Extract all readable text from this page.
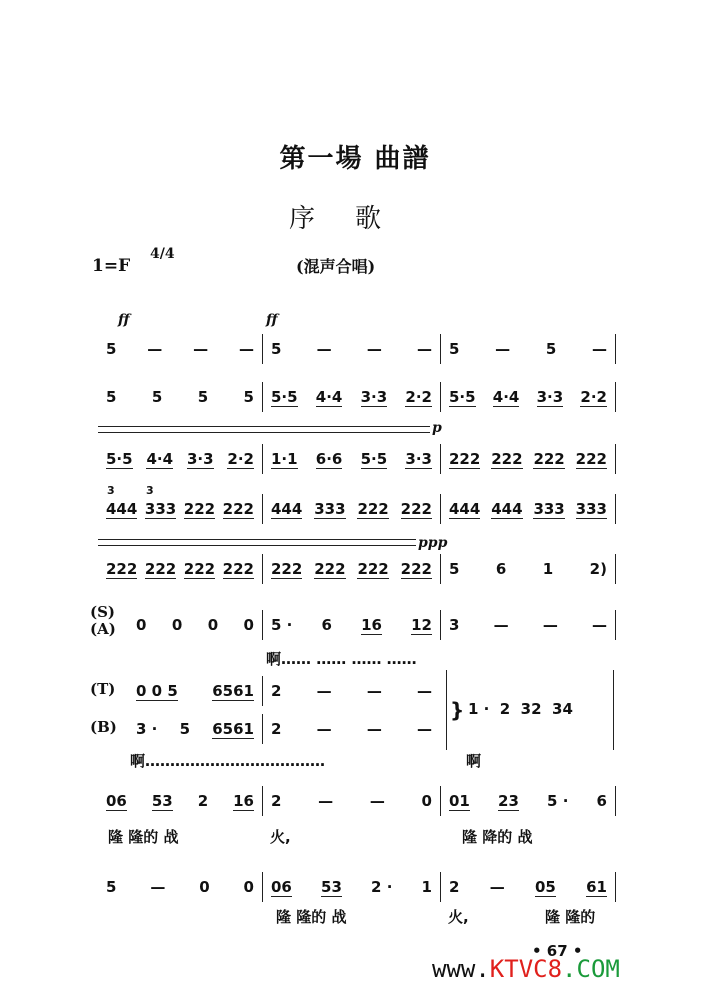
第一場 曲譜
序歌
1=F
4/4
(混声合唱)
ff	ff
p
ppp
(S)
(A)
(T)
(B)
啊…… …… …… ……
啊………………………………	啊
} 1 ·  2  32  34
3	3
5 — — — 5 — — — 5 — 5 —
5 5 5 5 5·5 4·4 3·3 2·2 5·5 4·4 3·3 2·2
5·5 4·4 3·3 2·2 1·1 6·6 5·5 3·3 222 222 222 222
444 333 222 222 444 333 222 222 444 444 333 333
222 222 222 222 222 222 222 222 5 6 1 2)
0 0 0 0 5 · 6 16 12 3 — — —
0 0 5 6561 2 — — —
3 · 5 6561 2 — — —
06 53 2 16 2 — — 0 01 23 5 · 6
5 — 0 0 06 53 2 · 1 2 — 05 61
隆 隆的 战	火,	隆 降的 战
隆 隆的 战	火,	隆 隆的
• 67 •
www.KTVC8.COM
